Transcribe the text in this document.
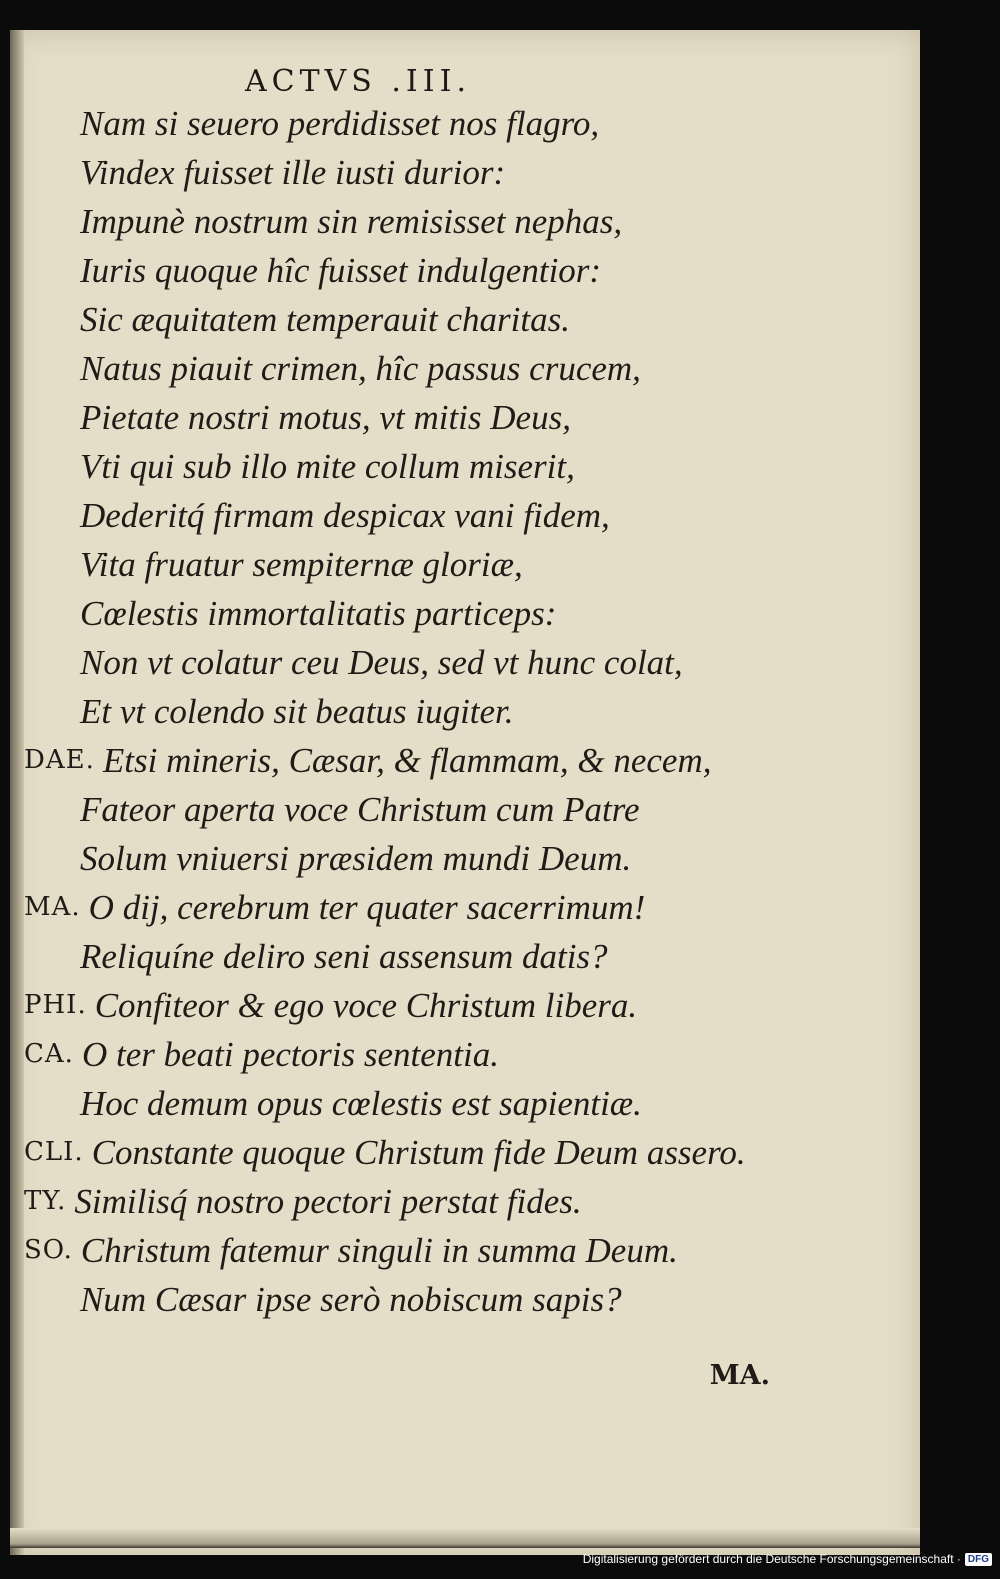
ACTVS .III.
Nam si seuero perdidisset nos flagro,
Vindex fuisset ille iusti durior:
Impunè nostrum sin remisisset nephas,
Iuris quoque hîc fuisset indulgentior:
Sic æquitatem temperauit charitas.
Natus piauit crimen, hîc passus crucem,
Pietate nostri motus, vt mitis Deus,
Vti qui sub illo mite collum miserit,
Dederitq́ firmam despicax vani fidem,
Vita fruatur sempiternæ gloriæ,
Cœlestis immortalitatis particeps:
Non vt colatur ceu Deus, sed vt hunc colat,
Et vt colendo sit beatus iugiter.
DAE. Etsi mineris, Cæsar, & flammam, & necem,
Fateor aperta voce Christum cum Patre
Solum vniuersi præsidem mundi Deum.
MA. O dij, cerebrum ter quater sacerrimum!
Reliquíne deliro seni assensum datis?
PHI. Confiteor & ego voce Christum libera.
CA. O ter beati pectoris sententia.
Hoc demum opus cœlestis est sapientiæ.
CLI. Constante quoque Christum fide Deum assero.
TY. Similisq́ nostro pectori perstat fides.
SO. Christum fatemur singuli in summa Deum.
Num Cæsar ipse serò nobiscum sapis?
MA.
Digitalisierung gefördert durch die Deutsche Forschungsgemeinschaft · DFG
